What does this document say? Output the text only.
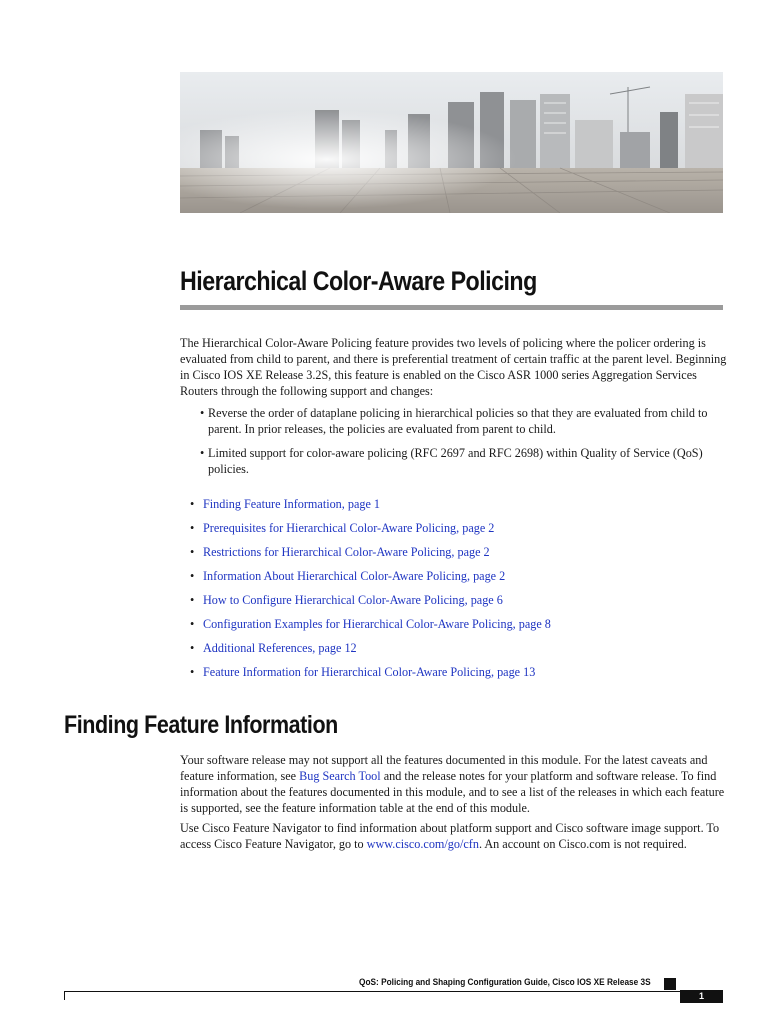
Hierarchical Color-Aware Policing
The Hierarchical Color-Aware Policing feature provides two levels of policing where the policer ordering is evaluated from child to parent, and there is preferential treatment of certain traffic at the parent level. Beginning in Cisco IOS XE Release 3.2S, this feature is enabled on the Cisco ASR 1000 series Aggregation Services Routers through the following support and changes:
• Reverse the order of dataplane policing in hierarchical policies so that they are evaluated from child to parent. In prior releases, the policies are evaluated from parent to child.
• Limited support for color-aware policing (RFC 2697 and RFC 2698) within Quality of Service (QoS) policies.
• Finding Feature Information, page 1
• Prerequisites for Hierarchical Color-Aware Policing, page 2
• Restrictions for Hierarchical Color-Aware Policing, page 2
• Information About Hierarchical Color-Aware Policing, page 2
• How to Configure Hierarchical Color-Aware Policing, page 6
• Configuration Examples for Hierarchical Color-Aware Policing, page 8
• Additional References, page 12
• Feature Information for Hierarchical Color-Aware Policing, page 13
Finding Feature Information
Your software release may not support all the features documented in this module. For the latest caveats and feature information, see Bug Search Tool and the release notes for your platform and software release. To find information about the features documented in this module, and to see a list of the releases in which each feature is supported, see the feature information table at the end of this module.
Use Cisco Feature Navigator to find information about platform support and Cisco software image support. To access Cisco Feature Navigator, go to www.cisco.com/go/cfn. An account on Cisco.com is not required.
QoS: Policing and Shaping Configuration Guide, Cisco IOS XE Release 3S
1
